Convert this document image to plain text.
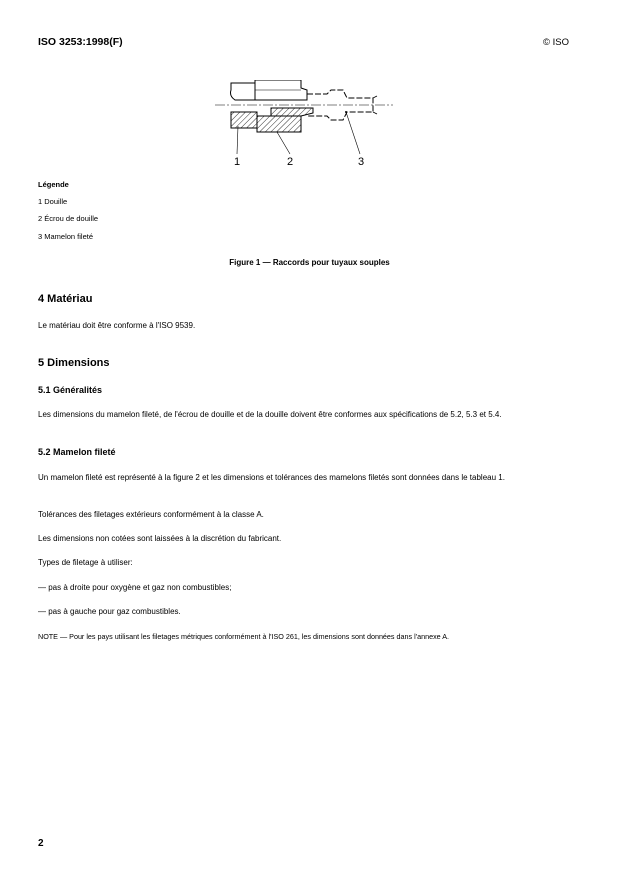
ISO 3253:1998(F)	© ISO
1	2	3
Légende
1 Douille
2 Écrou de douille
3 Mamelon fileté
Figure 1 — Raccords pour tuyaux souples
4 Matériau
Le matériau doit être conforme à l'ISO 9539.
5 Dimensions
5.1 Généralités
Les dimensions du mamelon fileté, de l'écrou de douille et de la douille doivent être conformes aux spécifications de 5.2, 5.3 et 5.4.
5.2 Mamelon fileté
Un mamelon fileté est représenté à la figure 2 et les dimensions et tolérances des mamelons filetés sont données dans le tableau 1.
Tolérances des filetages extérieurs conformément à la classe A.
Les dimensions non cotées sont laissées à la discrétion du fabricant.
Types de filetage à utiliser:
— pas à droite pour oxygène et gaz non combustibles;
— pas à gauche pour gaz combustibles.
NOTE — Pour les pays utilisant les filetages métriques conformément à l'ISO 261, les dimensions sont données dans l'annexe A.
2
